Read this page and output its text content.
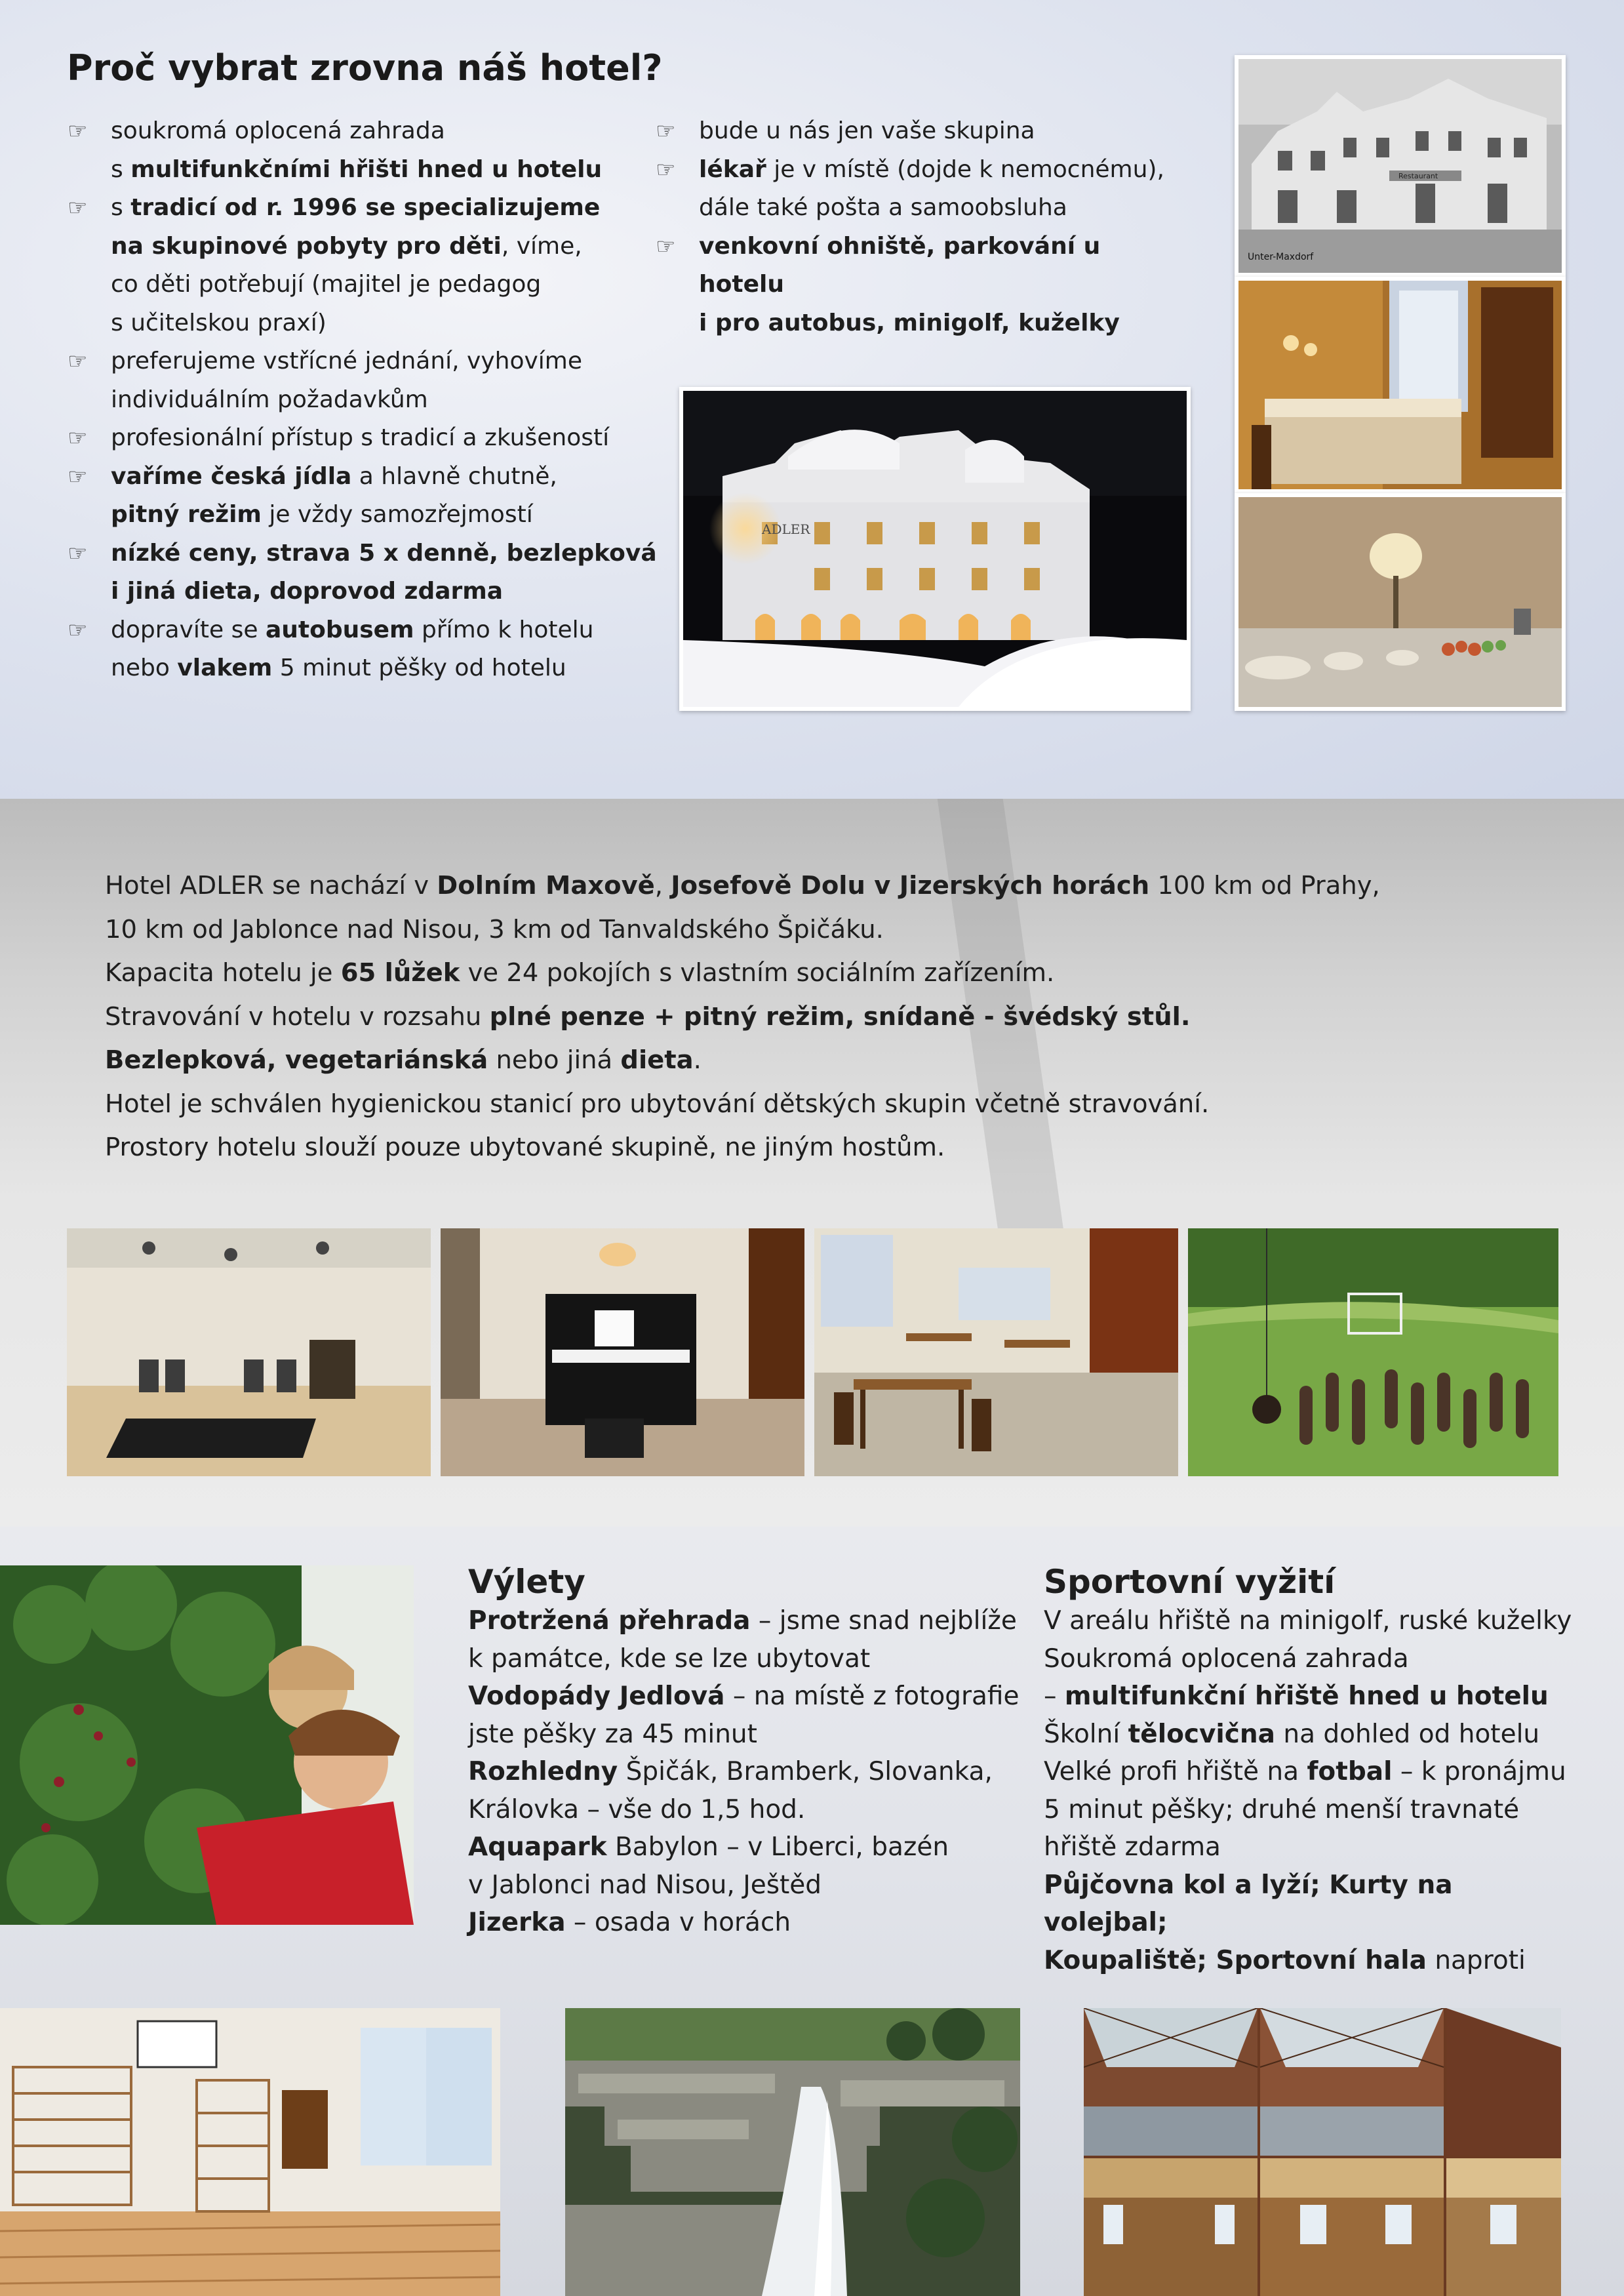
Proč vybrat zrovna náš hotel?
☞ soukromá oplocená zahrada
s multifunkčními hřišti hned u hotelu
☞ s tradicí od r. 1996 se specializujeme
na skupinové pobyty pro děti, víme,
co děti potřebují (majitel je pedagog
s učitelskou praxí)
☞ preferujeme vstřícné jednání, vyhovíme
individuálním požadavkům
☞ profesionální přístup s tradicí a zkušeností
☞ vaříme česká jídla a hlavně chutně,
pitný režim je vždy samozřejmostí
☞ nízké ceny, strava 5 x denně, bezlepková
i jiná dieta, doprovod zdarma
☞ dopravíte se autobusem přímo k hotelu
nebo vlakem 5 minut pěšky od hotelu
☞ bude u nás jen vaše skupina
☞ lékař je v místě (dojde k nemocnému),
dále také pošta a samoobsluha
☞ venkovní ohniště, parkování u hotelu
i pro autobus, minigolf, kuželky
ADLER
Restaurant
Unter-Maxdorf

Hotel ADLER se nachází v Dolním Maxově, Josefově Dolu v Jizerských horách 100 km od Prahy,

10 km od Jablonce nad Nisou, 3 km od Tanvaldského Špičáku.

Kapacita hotelu je 65 lůžek ve 24 pokojích s vlastním sociálním zařízením.

Stravování v hotelu v rozsahu plné penze + pitný režim, snídaně - švédský stůl.

Bezlepková, vegetariánská nebo jiná dieta.

Hotel je schválen hygienickou stanicí pro ubytování dětských skupin včetně stravování.

Prostory hotelu slouží pouze ubytované skupině, ne jiným hostům.

Výlety

Protržená přehrada – jsme snad nejblíže

k památce, kde se lze ubytovat

Vodopády Jedlová – na místě z fotografie

jste pěšky za 45 minut

Rozhledny Špičák, Bramberk, Slovanka,

Královka – vše do 1,5 hod.

Aquapark Babylon – v Liberci, bazén

v Jablonci nad Nisou, Ještěd

Jizerka – osada v horách

Sportovní vyžití

V areálu hřiště na minigolf, ruské kuželky

Soukromá oplocená zahrada

– multifunkční hřiště hned u hotelu

Školní tělocvična na dohled od hotelu

Velké profi hřiště na fotbal – k pronájmu

5 minut pěšky; druhé menší travnaté

hřiště zdarma

Půjčovna kol a lyží; Kurty na volejbal;

Koupaliště; Sportovní hala naproti
